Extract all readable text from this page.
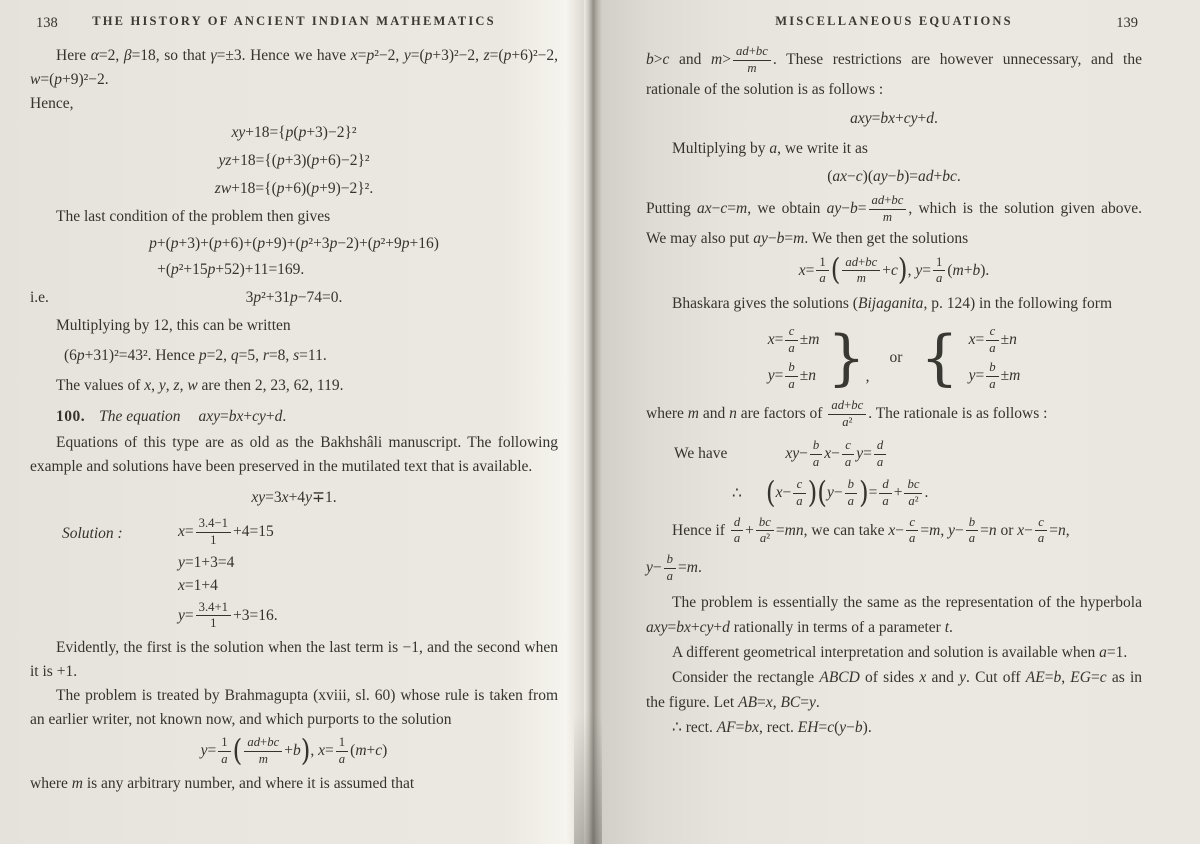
138	THE HISTORY OF ANCIENT INDIAN MATHEMATICS
Here α=2, β=18, so that γ=±3. Hence we have x=p²−2, y=(p+3)²−2, z=(p+6)²−2, w=(p+9)²−2.
Hence,
xy+18={p(p+3)−2}²
yz+18={(p+3)(p+6)−2}²
zw+18={(p+6)(p+9)−2}².
The last condition of the problem then gives
p+(p+3)+(p+6)+(p+9)+(p²+3p−2)+(p²+9p+16)
+(p²+15p+52)+11=169.
i.e.	3p²+31p−74=0.
Multiplying by 12, this can be written
(6p+31)²=43². Hence p=2, q=5, r=8, s=11.
The values of x, y, z, w are then 2, 23, 62, 119.
100. The equation axy=bx+cy+d.
Equations of this type are as old as the Bakhshâli manuscript. The following example and solutions have been preserved in the mutilated text that is available.
xy=3x+4y∓1.
Solution :	$x= \frac{3.4-1}{1} +4=15$
y=1+3=4
x=1+4
$y= \frac{3.4+1}{1} +3=16$.
Evidently, the first is the solution when the last term is −1, and the second when it is +1.
The problem is treated by Brahmagupta (xviii, sl. 60) whose rule is taken from an earlier writer, not known now, and which purports to the solution
$y= \frac{1}{a}$ ( $\frac{ad+bc}{m} +b$), $x= \frac{1}{a} (m+c)$
where m is any arbitrary number, and where it is assumed that
MISCELLANEOUS EQUATIONS	139
b>c and $m> \frac{ad+bc}{m}$ . These restrictions are however unnecessary, and the rationale of the solution is as follows :
axy=bx+cy+d.
Multiplying by a, we write it as
(ax−c)(ay−b)=ad+bc.
Putting ax−c=m, we obtain $ay-b= \frac{ad+bc}{m}$ , which is the solution given above. We may also put ay−b=m. We then get the solutions
$x= \frac{1}{a}$ ( $\frac{ad+bc}{m} +c$), $y= \frac{1}{a} (m+b)$.
Bhaskara gives the solutions (Bijaganita, p. 124) in the following form
$x= \frac{c}{a} \pm m$
$y= \frac{b}{a} \pm n$ } ,
or { $x= \frac{c}{a} \pm n$
$y= \frac{b}{a} \pm m$
where m and n are factors of $\frac{ad+bc}{\text{a²}}$ . The rationale is as follows :
We have	$xy- \frac{b}{a} x- \frac{c}{a} y= \frac{d}{a}$
∴ $(x- \frac{c}{a} )(y- \frac{b}{a}$ )= $\frac{d}{a} + \frac{bc}{\text{a²}}$ .
Hence if $\frac{d}{a} + \frac{bc}{\text{a²}} =mn$, we can take $x- \frac{c}{a} =m$, $y- \frac{b}{a} =n$ or $x- \frac{c}{a} =n$,
$y- \frac{b}{a} =m$.
The problem is essentially the same as the representation of the hyperbola axy=bx+cy+d rationally in terms of a parameter t.
A different geometrical interpretation and solution is available when a=1.
Consider the rectangle ABCD of sides x and y. Cut off AE=b, EG=c as in the figure. Let AB=x, BC=y.
∴ rect. AF=bx, rect. EH=c(y−b).
